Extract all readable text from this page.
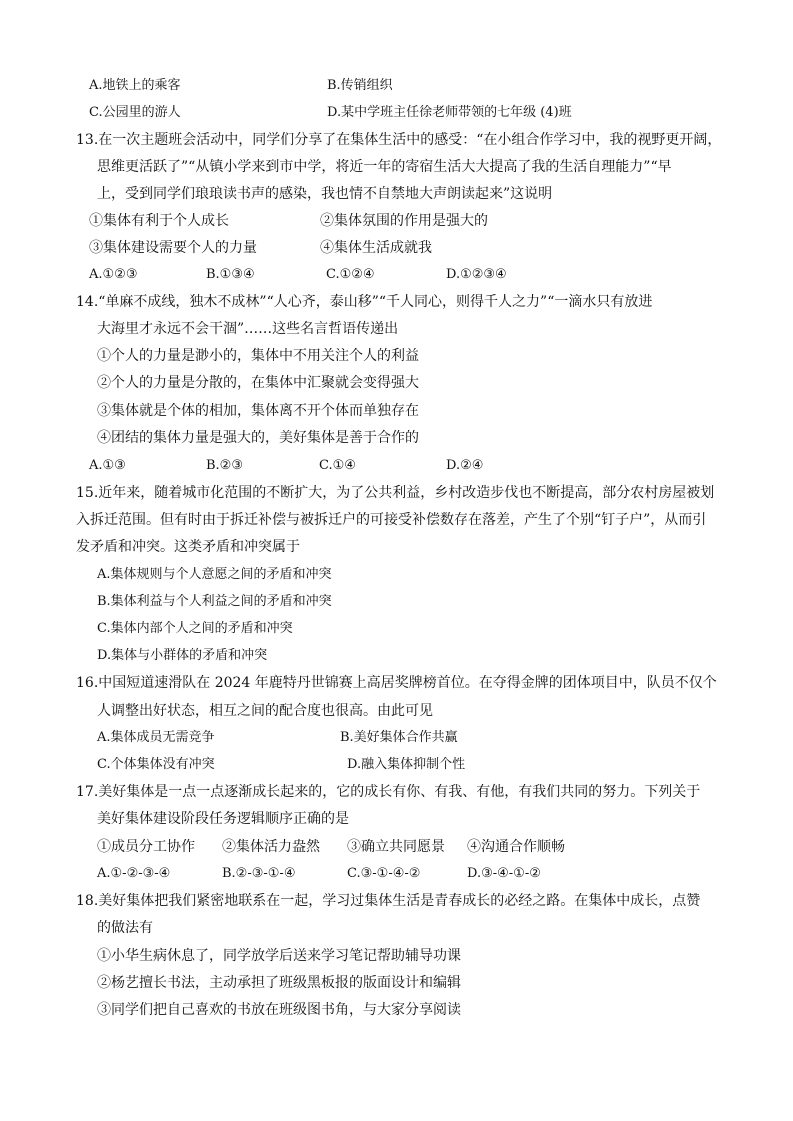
A.地铁上的乘客	B.传销组织
C.公园里的游人	D.某中学班主任徐老师带领的七年级 (4)班
13.在一次主题班会活动中，同学们分享了在集体生活中的感受：“在小组合作学习中，我的视野更开阔，
思维更活跃了”“从镇小学来到市中学，将近一年的寄宿生活大大提高了我的生活自理能力”“早
上，受到同学们琅琅读书声的感染，我也情不自禁地大声朗读起来”这说明
①集体有利于个人成长	②集体氛围的作用是强大的
③集体建设需要个人的力量	④集体生活成就我
A.①②③	B.①③④	C.①②④	D.①②③④
14.“单麻不成线，独木不成林”“人心齐，泰山移”“千人同心，则得千人之力”“一滴水只有放进
大海里才永远不会干涸”……这些名言哲语传递出
①个人的力量是渺小的，集体中不用关注个人的利益
②个人的力量是分散的，在集体中汇聚就会变得强大
③集体就是个体的相加，集体离不开个体而单独存在
④团结的集体力量是强大的，美好集体是善于合作的
A.①③	B.②③	C.①④	D.②④
15.近年来，随着城市化范围的不断扩大，为了公共利益，乡村改造步伐也不断提高，部分农村房屋被划
入拆迁范围。但有时由于拆迁补偿与被拆迁户的可接受补偿数存在落差，产生了个别“钉子户”，从而引
发矛盾和冲突。这类矛盾和冲突属于
A.集体规则与个人意愿之间的矛盾和冲突
B.集体利益与个人利益之间的矛盾和冲突
C.集体内部个人之间的矛盾和冲突
D.集体与小群体的矛盾和冲突
16.中国短道速滑队在 2024 年鹿特丹世锦赛上高居奖牌榜首位。在夺得金牌的团体项目中，队员不仅个
人调整出好状态，相互之间的配合度也很高。由此可见
A.集体成员无需竞争	B.美好集体合作共赢
C.个体集体没有冲突	D.融入集体抑制个性
17.美好集体是一点一点逐渐成长起来的，它的成长有你、有我、有他，有我们共同的努力。下列关于
美好集体建设阶段任务逻辑顺序正确的是
①成员分工协作 ②集体活力盎然 ③确立共同愿景 ④沟通合作顺畅
A.①-②-③-④	B.②-③-①-④	C.③-①-④-②	D.③-④-①-②
18.美好集体把我们紧密地联系在一起，学习过集体生活是青春成长的必经之路。在集体中成长，点赞
的做法有
①小华生病休息了，同学放学后送来学习笔记帮助辅导功课
②杨艺擅长书法，主动承担了班级黑板报的版面设计和编辑
③同学们把自己喜欢的书放在班级图书角，与大家分享阅读
